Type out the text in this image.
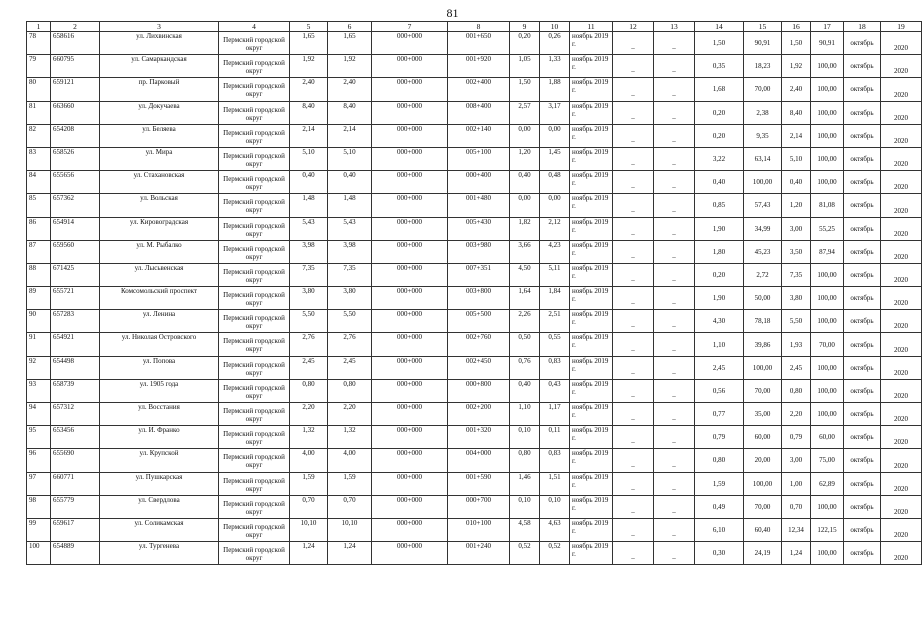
81
1	2	3	4	5	6	7	8	9	10	11	12	13	14	15	16	17	18	19
78	658616	ул. Лихвинская	Пермский городской округ	1,65	1,65	000+000	001+650	0,20	0,26	ноябрь 2019 г.	–	–	1,50	90,91	1,50	90,91	октябрь	2020
79	660795	ул. Самаркандская	Пермский городской округ	1,92	1,92	000+000	001+920	1,05	1,33	ноябрь 2019 г.	–	–	0,35	18,23	1,92	100,00	октябрь	2020
80	659121	пр. Парковый	Пермский городской округ	2,40	2,40	000+000	002+400	1,50	1,88	ноябрь 2019 г.	–	–	1,68	70,00	2,40	100,00	октябрь	2020
81	663660	ул. Докучаева	Пермский городской округ	8,40	8,40	000+000	008+400	2,57	3,17	ноябрь 2019 г.	–	–	0,20	2,38	8,40	100,00	октябрь	2020
82	654208	ул. Беляева	Пермский городской округ	2,14	2,14	000+000	002+140	0,00	0,00	ноябрь 2019 г.	–	–	0,20	9,35	2,14	100,00	октябрь	2020
83	658526	ул. Мира	Пермский городской округ	5,10	5,10	000+000	005+100	1,20	1,45	ноябрь 2019 г.	–	–	3,22	63,14	5,10	100,00	октябрь	2020
84	655656	ул. Стахановская	Пермский городской округ	0,40	0,40	000+000	000+400	0,40	0,48	ноябрь 2019 г.	–	–	0,40	100,00	0,40	100,00	октябрь	2020
85	657362	ул. Вольская	Пермский городской округ	1,48	1,48	000+000	001+480	0,00	0,00	ноябрь 2019 г.	–	–	0,85	57,43	1,20	81,08	октябрь	2020
86	654914	ул. Кировоградская	Пермский городской округ	5,43	5,43	000+000	005+430	1,82	2,12	ноябрь 2019 г.	–	–	1,90	34,99	3,00	55,25	октябрь	2020
87	659560	ул. М. Рыбалко	Пермский городской округ	3,98	3,98	000+000	003+980	3,66	4,23	ноябрь 2019 г.	–	–	1,80	45,23	3,50	87,94	октябрь	2020
88	671425	ул. Лысьвенская	Пермский городской округ	7,35	7,35	000+000	007+351	4,50	5,11	ноябрь 2019 г.	–	–	0,20	2,72	7,35	100,00	октябрь	2020
89	655721	Комсомольский проспект	Пермский городской округ	3,80	3,80	000+000	003+800	1,64	1,84	ноябрь 2019 г.	–	–	1,90	50,00	3,80	100,00	октябрь	2020
90	657283	ул. Ленина	Пермский городской округ	5,50	5,50	000+000	005+500	2,26	2,51	ноябрь 2019 г.	–	–	4,30	78,18	5,50	100,00	октябрь	2020
91	654921	ул. Николая Островского	Пермский городской округ	2,76	2,76	000+000	002+760	0,50	0,55	ноябрь 2019 г.	–	–	1,10	39,86	1,93	70,00	октябрь	2020
92	654498	ул. Попова	Пермский городской округ	2,45	2,45	000+000	002+450	0,76	0,83	ноябрь 2019 г.	–	–	2,45	100,00	2,45	100,00	октябрь	2020
93	658739	ул. 1905 года	Пермский городской округ	0,80	0,80	000+000	000+800	0,40	0,43	ноябрь 2019 г.	–	–	0,56	70,00	0,80	100,00	октябрь	2020
94	657312	ул. Восстания	Пермский городской округ	2,20	2,20	000+000	002+200	1,10	1,17	ноябрь 2019 г.	–	–	0,77	35,00	2,20	100,00	октябрь	2020
95	653456	ул. И. Франко	Пермский городской округ	1,32	1,32	000+000	001+320	0,10	0,11	ноябрь 2019 г.	–	–	0,79	60,00	0,79	60,00	октябрь	2020
96	655690	ул. Крупской	Пермский городской округ	4,00	4,00	000+000	004+000	0,80	0,83	ноябрь 2019 г.	–	–	0,80	20,00	3,00	75,00	октябрь	2020
97	660771	ул. Пушкарская	Пермский городской округ	1,59	1,59	000+000	001+590	1,46	1,51	ноябрь 2019 г.	–	–	1,59	100,00	1,00	62,89	октябрь	2020
98	655779	ул. Свердлова	Пермский городской округ	0,70	0,70	000+000	000+700	0,10	0,10	ноябрь 2019 г.	–	–	0,49	70,00	0,70	100,00	октябрь	2020
99	659617	ул. Соликамская	Пермский городской округ	10,10	10,10	000+000	010+100	4,58	4,63	ноябрь 2019 г.	–	–	6,10	60,40	12,34	122,15	октябрь	2020
100	654889	ул. Тургенева	Пермский городской округ	1,24	1,24	000+000	001+240	0,52	0,52	ноябрь 2019 г.	–	–	0,30	24,19	1,24	100,00	октябрь	2020
